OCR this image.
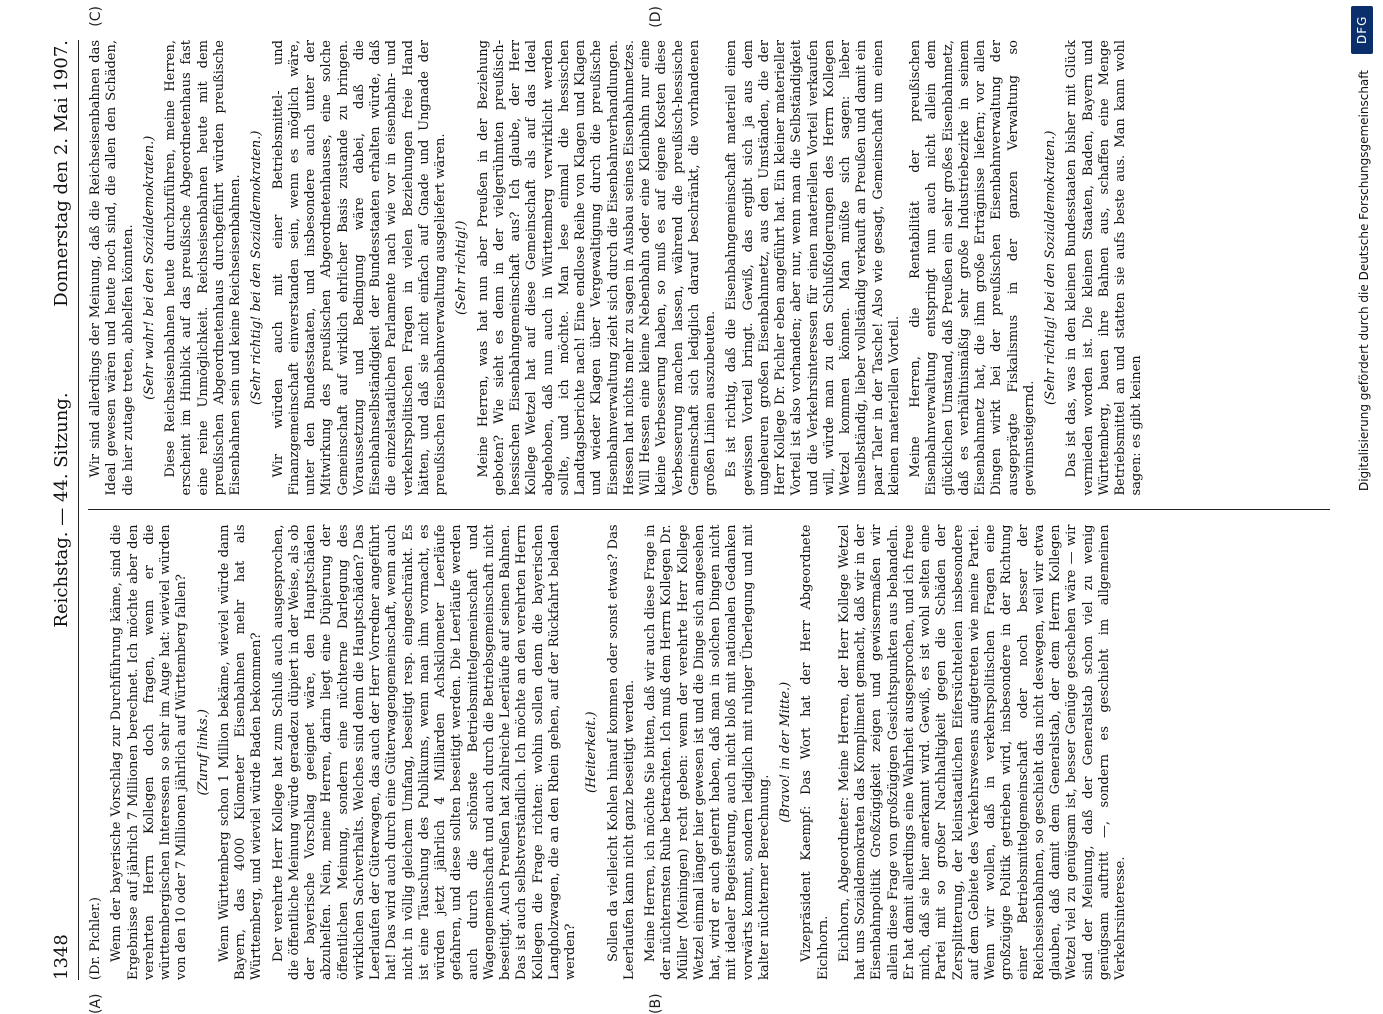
1348
Reichstag. — 44. Sitzung.
Donnerstag den 2. Mai 1907.
(A)	(B)

(Dr. Pichler.) Wenn der bayerische Vorschlag zur Durchführung käme, sind die Ergebnisse auf jährlich 7 Millionen berechnet. Ich möchte aber den verehrten Herrn Kollegen doch fragen, wenn er die württembergischen Interessen so sehr im Auge hat: wieviel würden von den 10 oder 7 Millionen jährlich auf Württemberg fallen? (Zuruf links.) Wenn Württemberg schon 1 Million bekäme, wieviel würde dann Bayern, das 4000 Kilometer Eisenbahnen mehr hat als Württemberg, und wieviel würde Baden bekommen? Der verehrte Herr Kollege hat zum Schluß auch ausgesprochen, die öffentliche Meinung würde geradezu düpiert in der Weise, als ob der bayerische Vorschlag geeignet wäre, den Hauptschäden abzuhelfen. Nein, meine Herren, darin liegt eine Düpierung der öffentlichen Meinung, sondern eine nüchterne Darlegung des wirklichen Sachverhalts. Welches sind denn die Hauptschäden? Das Leerlaufen der Güterwagen, das auch der Herr Vorredner angeführt hat! Das wird auch durch eine Güterwagengemeinschaft, wenn auch nicht in völlig gleichem Umfang, beseitigt resp. eingeschränkt. Es ist eine Täuschung des Publikums, wenn man ihm vormacht, es würden jetzt jährlich 4 Milliarden Achskilometer Leerläufe gefahren, und diese sollten beseitigt werden. Die Leerläufe werden auch durch die schönste Betriebsmittelgemeinschaft und Wagengemeinschaft und auch durch die Betriebsgemeinschaft nicht beseitigt. Auch Preußen hat zahlreiche Leerläufe auf seinen Bahnen. Das ist auch selbstverständlich. Ich möchte an den verehrten Herrn Kollegen die Frage richten: wohin sollen denn die bayerischen Langholzwagen, die an den Rhein gehen, auf der Rückfahrt beladen werden?

(Heiterkeit.) Sollen da vielleicht Kohlen hinauf kommen oder sonst etwas? Das Leerlaufen kann nicht ganz beseitigt werden. Meine Herren, ich möchte Sie bitten, daß wir auch diese Frage in der nüchternsten Ruhe betrachten. Ich muß dem Herrn Kollegen Dr. Müller (Meiningen) recht geben: wenn der verehrte Herr Kollege Wetzel einmal länger hier gewesen ist und die Dinge sich angesehen hat, wird er auch gelernt haben, daß man in solchen Dingen nicht mit idealer Begeisterung, auch nicht bloß mit nationalen Gedanken vorwärts kommt, sondern lediglich mit ruhiger Überlegung und mit kalter nüchterner Berechnung.

(Bravo! in der Mitte.) Vizepräsident Kaempf: Das Wort hat der Herr Abgeordnete Eichhorn. Eichhorn, Abgeordneter: Meine Herren, der Herr Kollege Wetzel hat uns Sozialdemokraten das Kompliment gemacht, daß wir in der Eisenbahnpolitik Großzügigkeit zeigen und gewissermaßen wir allein diese Frage von großzügigen Gesichtspunkten aus behandeln. Er hat damit allerdings eine Wahrheit ausgesprochen, und ich freue mich, daß sie hier anerkannt wird. Gewiß, es ist wohl selten eine Partei mit so großer Nachhaltigkeit gegen die Schäden der Zersplitterung, der kleinstaatlichen Eifersüchteleien insbesondere auf dem Gebiete des Verkehrswesens aufgetreten wie meine Partei. Wenn wir wollen, daß in verkehrspolitischen Fragen eine großzügige Politik getrieben wird, insbesondere in der Richtung einer Betriebsmittelgemeinschaft oder noch besser der Reichseisenbahnen, so geschieht das nicht deswegen, weil wir etwa glauben, daß damit dem Generalstab, der dem Herrn Kollegen Wetzel viel zu genügsam ist, besser Genüge geschehen wäre — wir sind der Meinung, daß der Generalstab schon viel zu wenig genügsam auftritt —, sondern es geschieht im allgemeinen Verkehrsinteresse.

(C)	(D)

Wir sind allerdings der Meinung, daß die Reichseisenbahnen das Ideal gewesen wären und heute noch sind, die allen den Schäden, die hier zutage treten, abhelfen könnten. (Sehr wahr! bei den Sozialdemokraten.) Diese Reichseisenbahnen heute durchzuführen, meine Herren, erscheint im Hinblick auf das preußische Abgeordnetenhaus fast eine reine Unmöglichkeit. Reichseisenbahnen heute mit dem preußischen Abgeordnetenhaus durchgeführt würden preußische Eisenbahnen sein und keine Reichseisenbahnen. (Sehr richtig! bei den Sozialdemokraten.) Wir würden auch mit einer Betriebsmittel- und Finanzgemeinschaft einverstanden sein, wenn es möglich wäre, unter den Bundesstaaten, und insbesondere auch unter der Mitwirkung des preußischen Abgeordnetenhauses, eine solche Gemeinschaft auf wirklich ehrlicher Basis zustande zu bringen. Voraussetzung und Bedingung wäre dabei, daß die Eisenbahnselbständigkeit der Bundesstaaten erhalten würde, daß die einzelstaatlichen Parlamente nach wie vor in eisenbahn- und verkehrspolitischen Fragen in vielen Beziehungen freie Hand hätten, und daß sie nicht einfach auf Gnade und Ungnade der preußischen Eisenbahnverwaltung ausgeliefert wären. (Sehr richtig!) Meine Herren, was hat nun aber Preußen in der Beziehung geboten? Wie sieht es denn in der vielgerühmten preußisch-hessischen Eisenbahngemeinschaft aus? Ich glaube, der Herr Kollege Wetzel hat auf diese Gemeinschaft als auf das Ideal abgehoben, daß nun auch in Württemberg verwirklicht werden sollte, und ich möchte. Man lese einmal die hessischen Landtagsberichte nach! Eine endlose Reihe von Klagen und Klagen und wieder Klagen über Vergewaltigung durch die preußische Eisenbahnverwaltung zieht sich durch die Eisenbahnverhandlungen. Hessen hat nichts mehr zu sagen in Ausbau seines Eisenbahnnetzes. Will Hessen eine kleine Nebenbahn oder eine Kleinbahn nur eine kleine Verbesserung haben, so muß es auf eigene Kosten diese Verbesserung machen lassen, während die preußisch-hessische Gemeinschaft sich lediglich darauf beschränkt, die vorhandenen großen Linien auszubeuten. Es ist richtig, daß die Eisenbahngemeinschaft materiell einen gewissen Vorteil bringt. Gewiß, das ergibt sich ja aus dem ungeheuren großen Eisenbahnnetz, aus den Umständen, die der Herr Kollege Dr. Pichler eben angeführt hat. Ein kleiner materieller Vorteil ist also vorhanden; aber nur, wenn man die Selbständigkeit und die Verkehrsinteressen für einen materiellen Vorteil verkaufen will, würde man zu den Schlußfolgerungen des Herrn Kollegen Wetzel kommen können. Man müßte sich sagen: lieber unselbständig, lieber vollständig verkauft an Preußen und damit ein paar Taler in der Tasche! Also wie gesagt, Gemeinschaft um einen kleinen materiellen Vorteil. Meine Herren, die Rentabilität der preußischen Eisenbahnverwaltung entspringt nun auch nicht allein dem glücklichen Umstand, daß Preußen ein sehr großes Eisenbahnnetz, daß es verhältnismäßig sehr große Industriebezirke in seinem Eisenbahnnetz hat, die ihm große Erträgnisse liefern; vor allen Dingen wirkt bei der preußischen Eisenbahnverwaltung der ausgeprägte Fiskalismus in der ganzen Verwaltung so gewinnsteigernd.

(Sehr richtig! bei den Sozialdemokraten.) Das ist das, was in den kleinen Bundesstaaten bisher mit Glück vermieden worden ist. Die kleinen Staaten, Baden, Bayern und Württemberg, bauen ihre Bahnen aus, schaffen eine Menge Betriebsmittel an und statten sie aufs beste aus. Man kann wohl sagen: es gibt keinen

DFG
Digitalisierung gefördert durch die Deutsche Forschungsgemeinschaft
